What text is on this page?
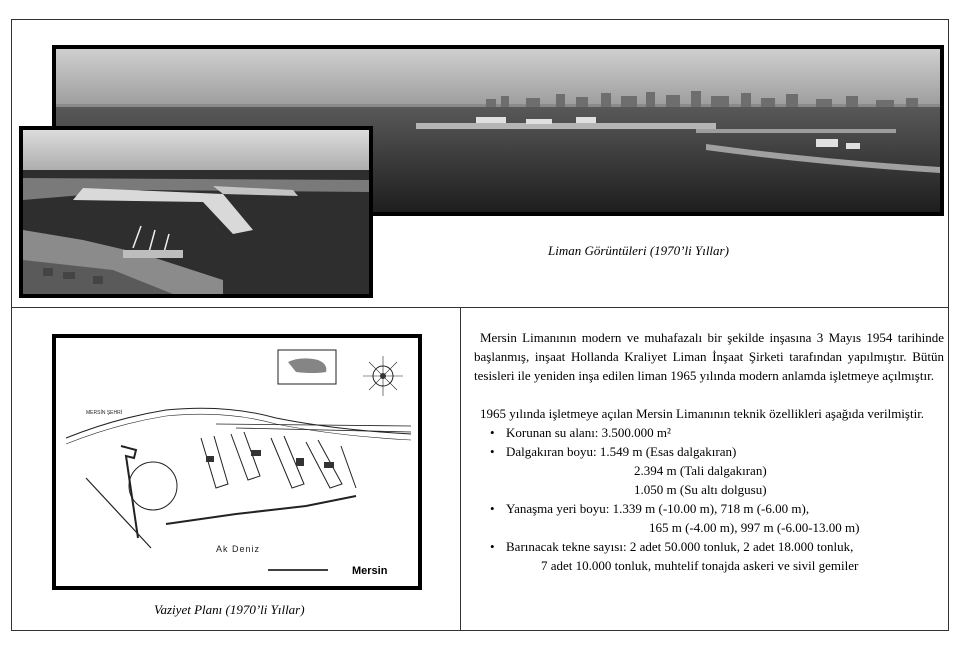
Liman Görüntüleri (1970’li Yıllar)
MERSİN ŞEHRİ
Ak Deniz
Mersin
Vaziyet Planı (1970’li Yıllar)

Mersin Limanının modern ve muhafazalı bir şekilde inşasına 3 Mayıs 1954 tarihinde başlanmış, inşaat Hollanda Kraliyet Liman İnşaat Şirketi tarafından yapılmıştır. Bütün tesisleri ile yeniden inşa edilen liman 1965 yılında modern anlamda işletmeye açılmıştır.

1965 yılında işletmeye açılan Mersin Limanının teknik özellikleri aşağıda verilmiştir.

• Korunan su alanı: 3.500.000 m²
• Dalgakıran boyu: 1.549 m (Esas dalgakıran)
2.394 m (Tali dalgakıran)
1.050 m (Su altı dolgusu)
• Yanaşma yeri boyu: 1.339 m (-10.00 m), 718 m (-6.00 m),
165 m (-4.00 m), 997 m (-6.00-13.00 m)
• Barınacak tekne sayısı: 2 adet 50.000 tonluk, 2 adet 18.000 tonluk,
7 adet 10.000 tonluk, muhtelif tonajda askeri ve sivil gemiler
